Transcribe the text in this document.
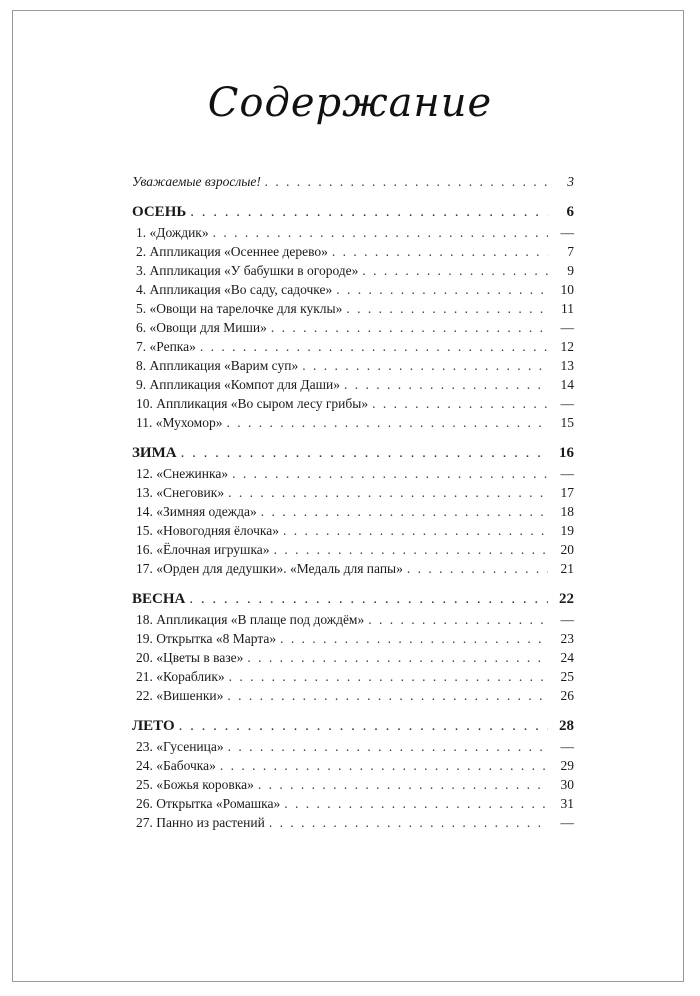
Содержание
Уважаемые взрослые! . . .	3
ОСЕНЬ . . .	6
1. «Дождик» . . .	—
2. Аппликация «Осеннее дерево» . . .	7
3. Аппликация «У бабушки в огороде» . . .	9
4. Аппликация «Во саду, садочке» . . .	10
5. «Овощи на тарелочке для куклы» . . .	11
6. «Овощи для Миши» . . .	—
7. «Репка» . . .	12
8. Аппликация «Варим суп» . . .	13
9. Аппликация «Компот для Даши» . . .	14
10. Аппликация «Во сыром лесу грибы» . . .	—
11. «Мухомор» . . .	15
ЗИМА . . .	16
12. «Снежинка» . . .	—
13. «Снеговик» . . .	17
14. «Зимняя одежда» . . .	18
15. «Новогодняя ёлочка» . . .	19
16. «Ёлочная игрушка» . . .	20
17. «Орден для дедушки». «Медаль для папы» . . .	21
ВЕСНА . . .	22
18. Аппликация «В плаще под дождём» . . .	—
19. Открытка «8 Марта» . . .	23
20. «Цветы в вазе» . . .	24
21. «Кораблик» . . .	25
22. «Вишенки» . . .	26
ЛЕТО . . .	28
23. «Гусеница» . . .	—
24. «Бабочка» . . .	29
25. «Божья коровка» . . .	30
26. Открытка «Ромашка» . . .	31
27. Панно из растений . . .	—
